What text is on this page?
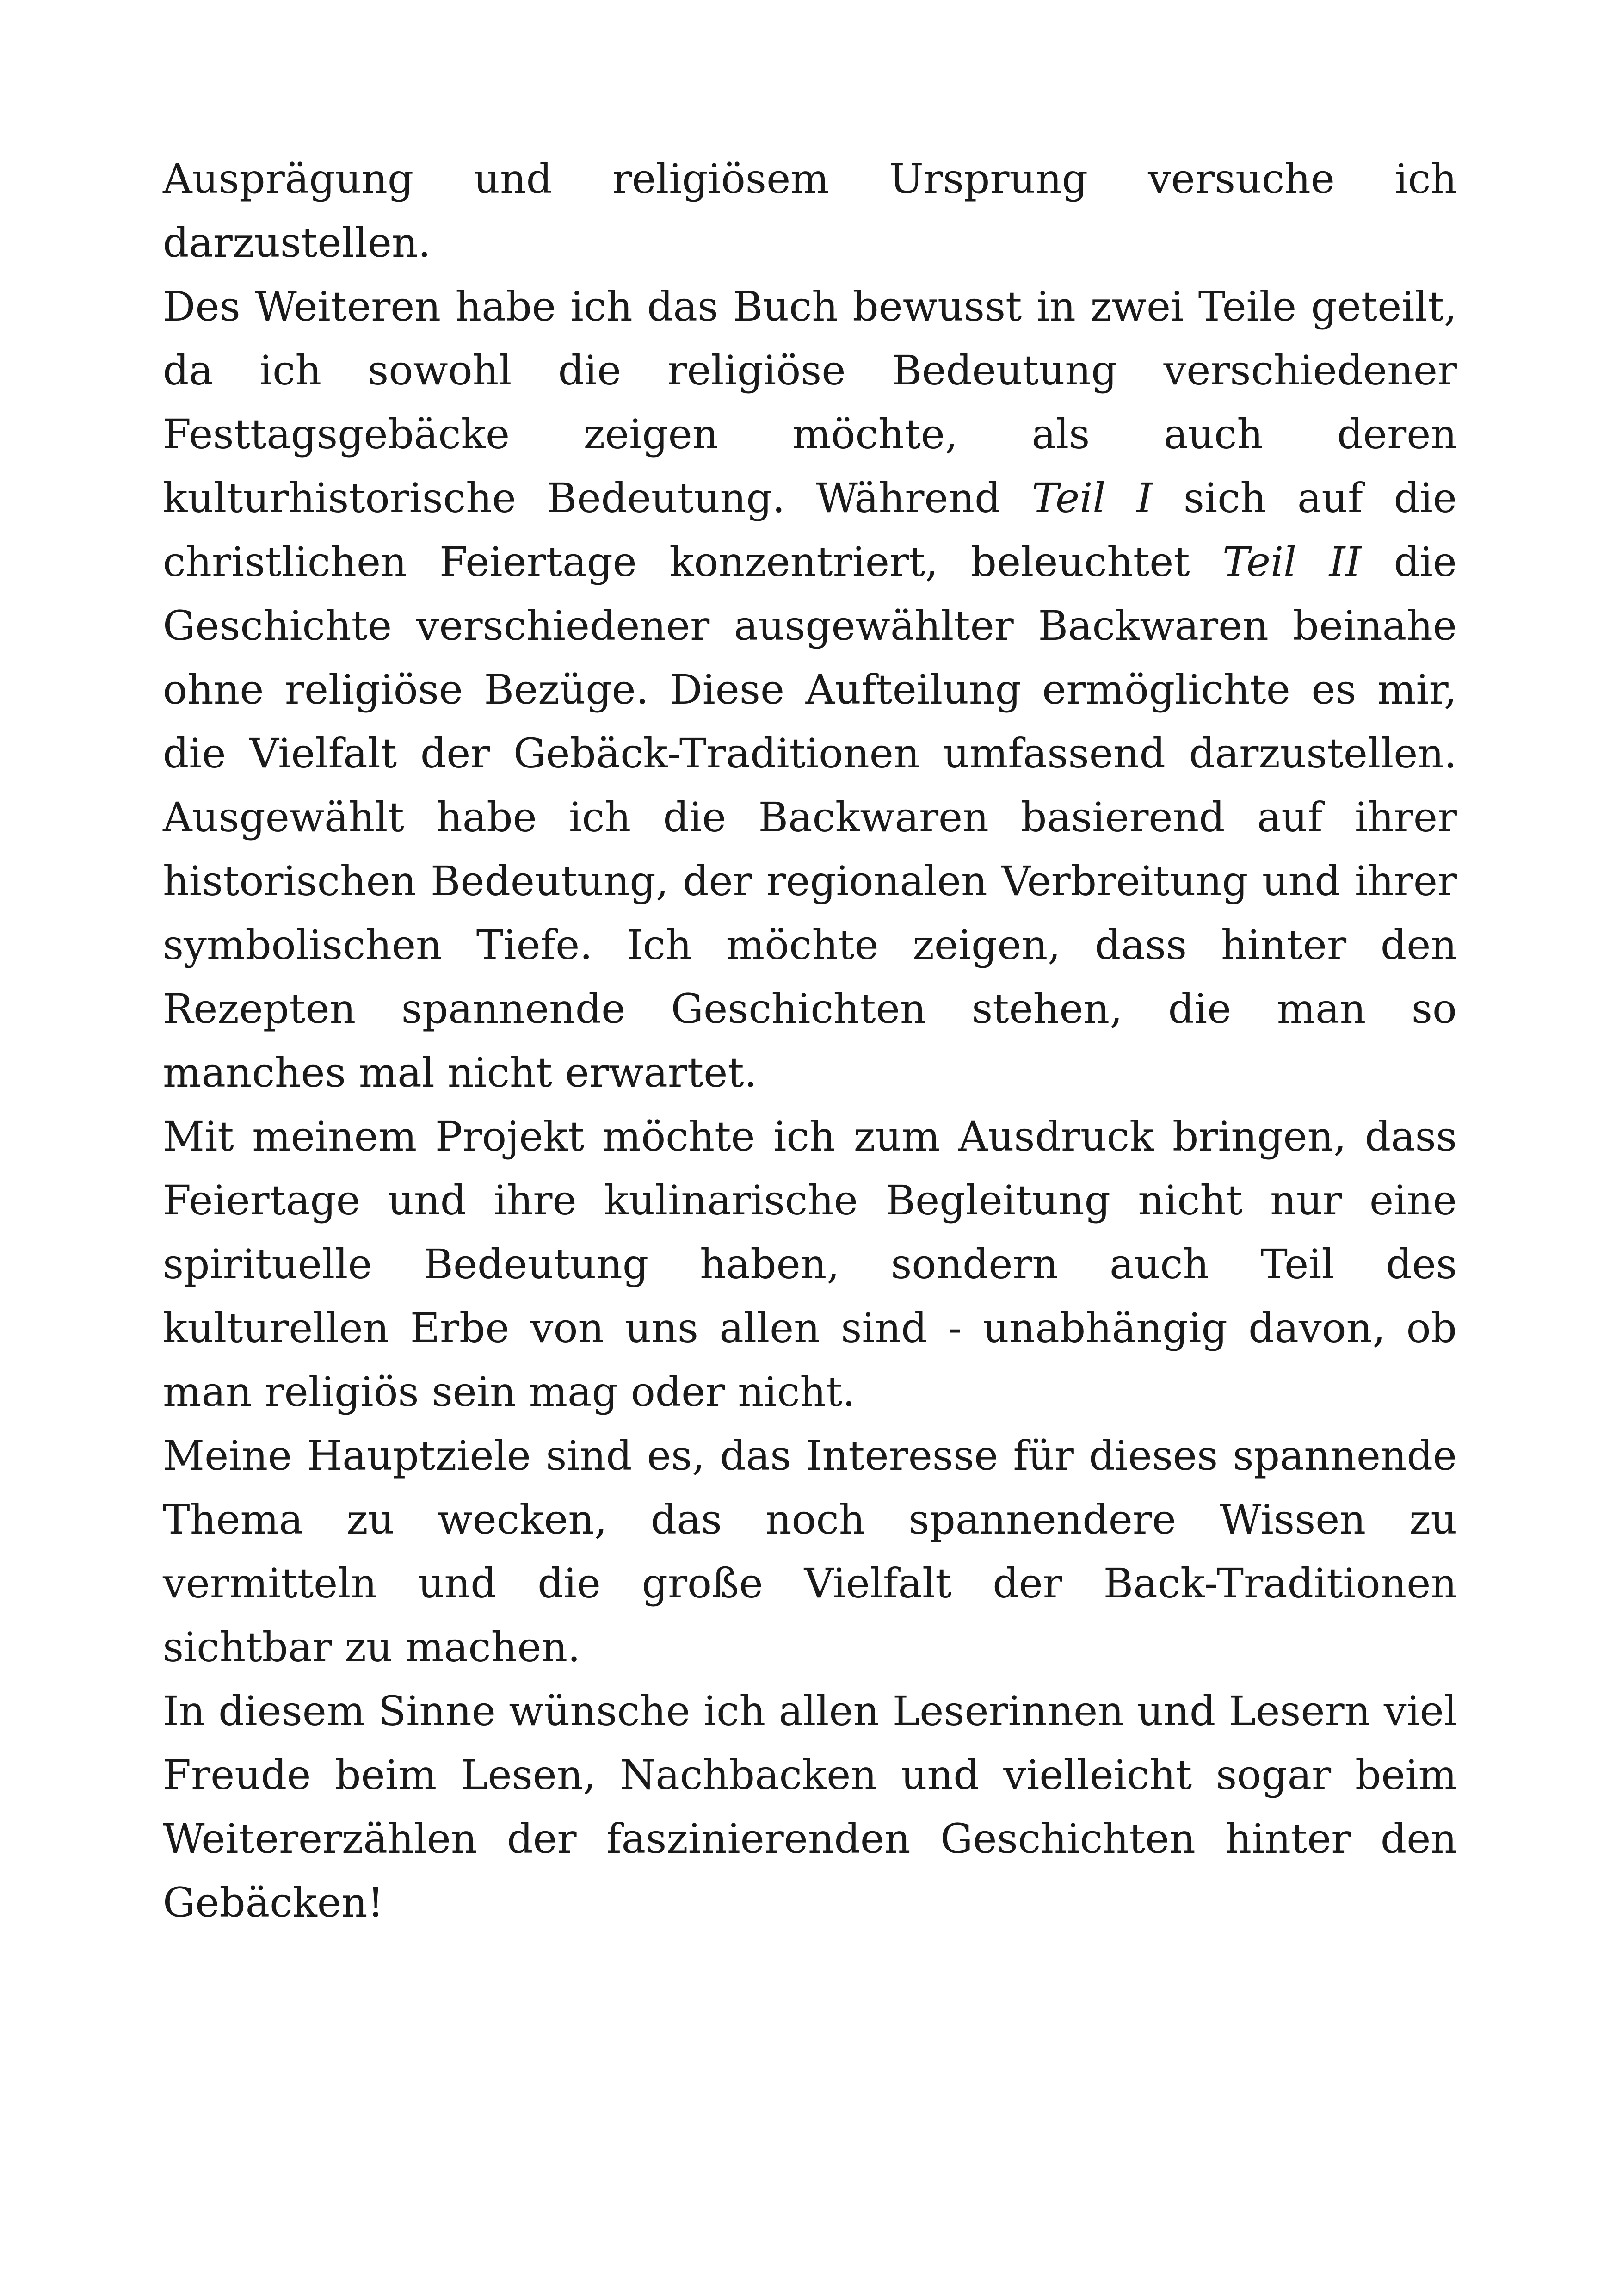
Ausprägung und religiösem Ursprung versuche ich darzustellen.

Des Weiteren habe ich das Buch bewusst in zwei Teile geteilt, da ich sowohl die religiöse Bedeutung verschiedener Festtagsgebäcke zeigen möchte, als auch deren kulturhistorische Bedeutung. Während Teil I sich auf die christlichen Feiertage konzentriert, beleuchtet Teil II die Geschichte verschiedener ausgewählter Backwaren beinahe ohne religiöse Bezüge. Diese Aufteilung ermöglichte es mir, die Vielfalt der Gebäck-Traditionen umfassend darzustellen. Ausgewählt habe ich die Backwaren basierend auf ihrer historischen Bedeutung, der regionalen Verbreitung und ihrer symbolischen Tiefe. Ich möchte zeigen, dass hinter den Rezepten spannende Geschichten stehen, die man so manches mal nicht erwartet.

Mit meinem Projekt möchte ich zum Ausdruck bringen, dass Feiertage und ihre kulinarische Begleitung nicht nur eine spirituelle Bedeutung haben, sondern auch Teil des kulturellen Erbe von uns allen sind - unabhängig davon, ob man religiös sein mag oder nicht.

Meine Hauptziele sind es, das Interesse für dieses spannende Thema zu wecken, das noch spannendere Wissen zu vermitteln und die große Vielfalt der Back-Traditionen sichtbar zu machen.

In diesem Sinne wünsche ich allen Leserinnen und Lesern viel Freude beim Lesen, Nachbacken und vielleicht sogar beim Weitererzählen der faszinierenden Geschichten hinter den Gebäcken!
